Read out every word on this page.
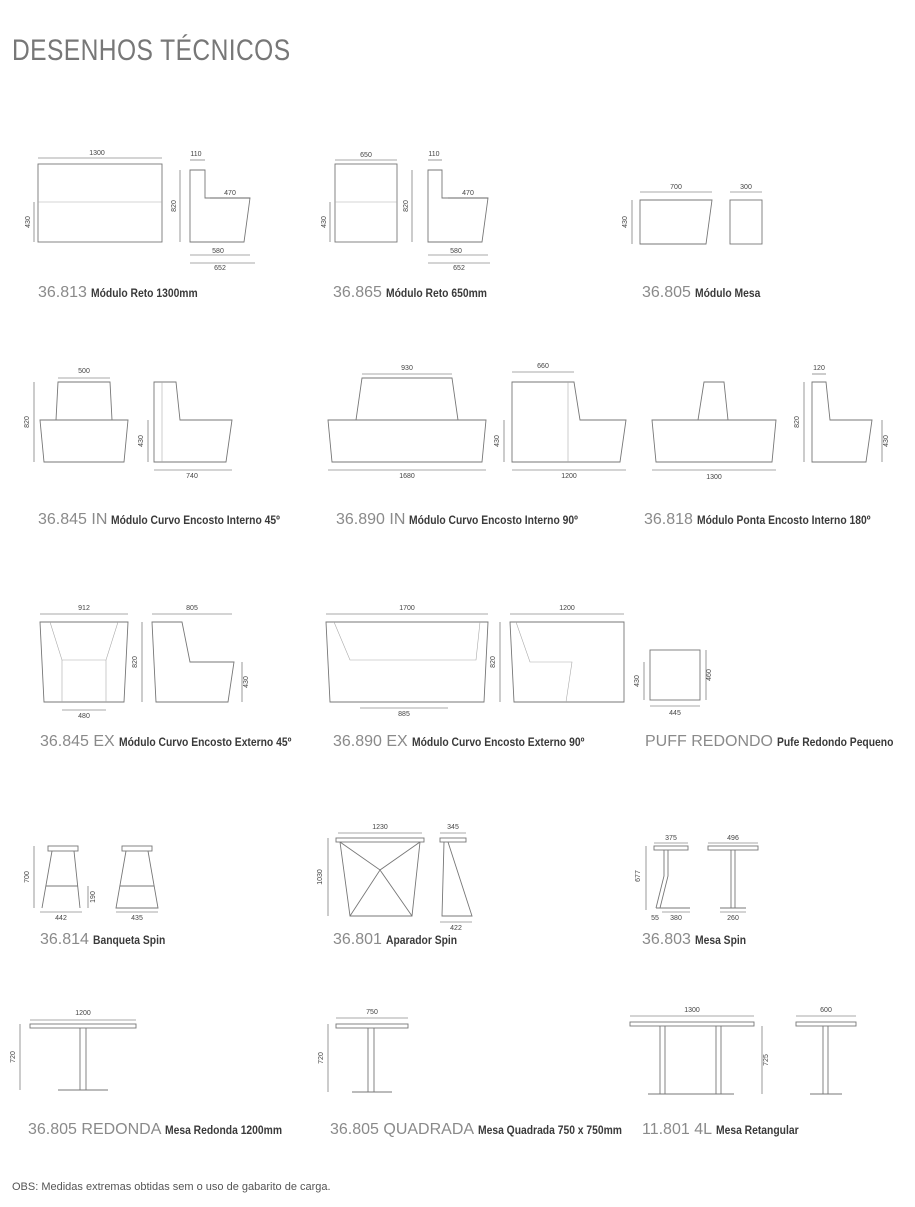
DESENHOS TÉCNICOS
1300
430
110
470
820
580
652
650
430
110
470
820
580
652
700	300
430
500
820
430
740
930
1680
660
430
1200	1300
120
820
430
912
480
805
820
430
1700
885
1200
820
430
460
445
700
190
442	435
1230
1030
345
422
375
677
55 380
496
260
1200
720
750
720
1300
725
600
36.813 Módulo Reto 1300mm	36.865 Módulo Reto 650mm	36.805 Módulo Mesa
36.845 IN Módulo Curvo Encosto Interno 45º	36.890 IN Módulo Curvo Encosto Interno 90º	36.818 Módulo Ponta Encosto Interno 180º
36.845 EX Módulo Curvo Encosto Externo 45º	36.890 EX Módulo Curvo Encosto Externo 90º	PUFF REDONDO Pufe Redondo Pequeno
36.814 Banqueta Spin	36.801 Aparador Spin	36.803 Mesa Spin
36.805 REDONDA Mesa Redonda 1200mm	36.805 QUADRADA Mesa Quadrada 750 x 750mm	11.801 4L Mesa Retangular
OBS: Medidas extremas obtidas sem o uso de gabarito de carga.
